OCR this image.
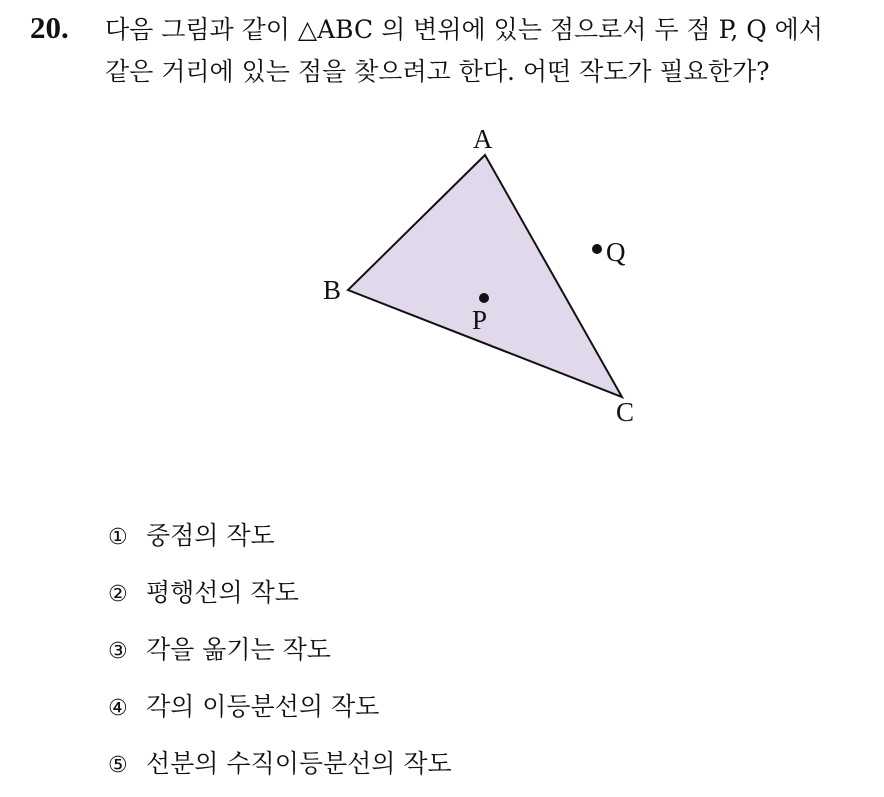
20. 다음 그림과 같이 △ABC 의 변위에 있는 점으로서 두 점 P, Q 에서
같은 거리에 있는 점을 찾으려고 한다. 어떤 작도가 필요한가?
A
B
C
P
Q
① 중점의 작도
② 평행선의 작도
③ 각을 옮기는 작도
④ 각의 이등분선의 작도
⑤ 선분의 수직이등분선의 작도
